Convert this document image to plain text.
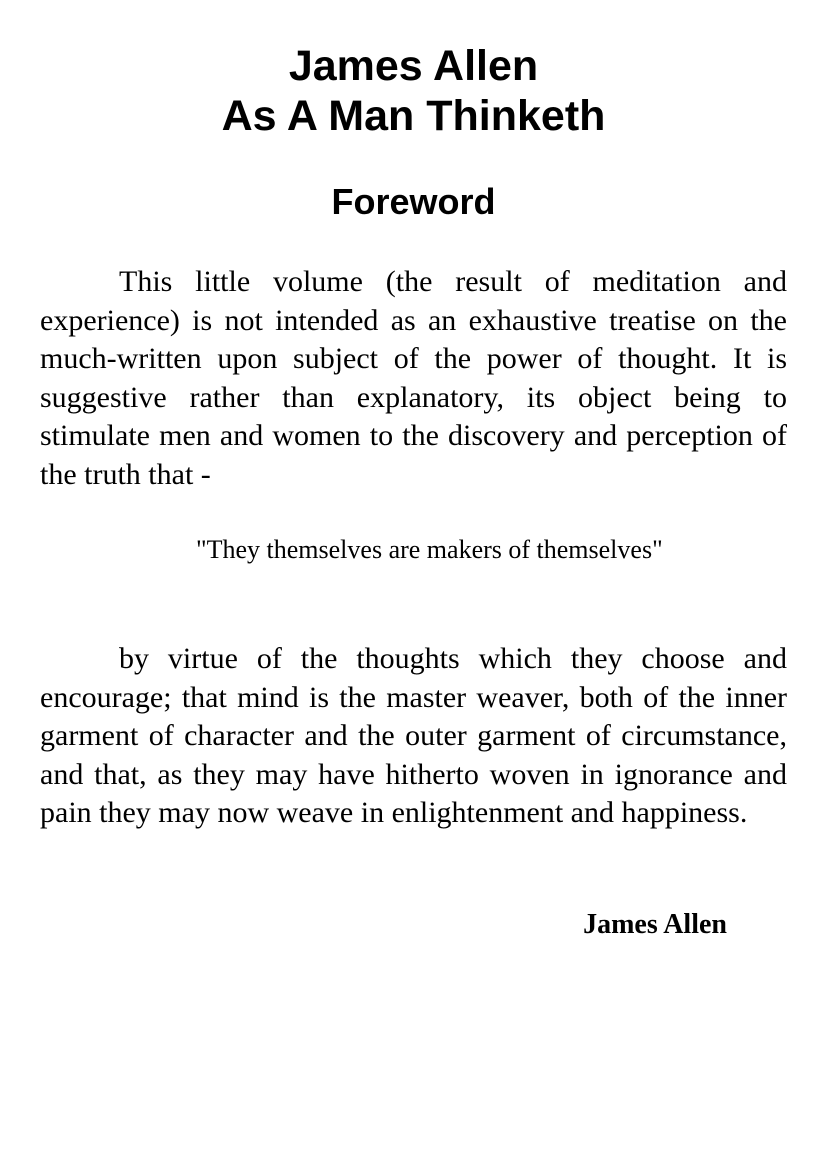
James Allen
As A Man Thinketh
Foreword

This little volume (the result of meditation and experience) is not intended as an exhaustive treatise on the much-written upon subject of the power of thought. It is suggestive rather than explanatory, its object being to stimulate men and women to the discovery and perception of the truth that -

"They themselves are makers of themselves"

by virtue of the thoughts which they choose and encourage; that mind is the master weaver, both of the inner garment of character and the outer garment of circumstance, and that, as they may have hitherto woven in ignorance and pain they may now weave in enlightenment and happiness.

James Allen
